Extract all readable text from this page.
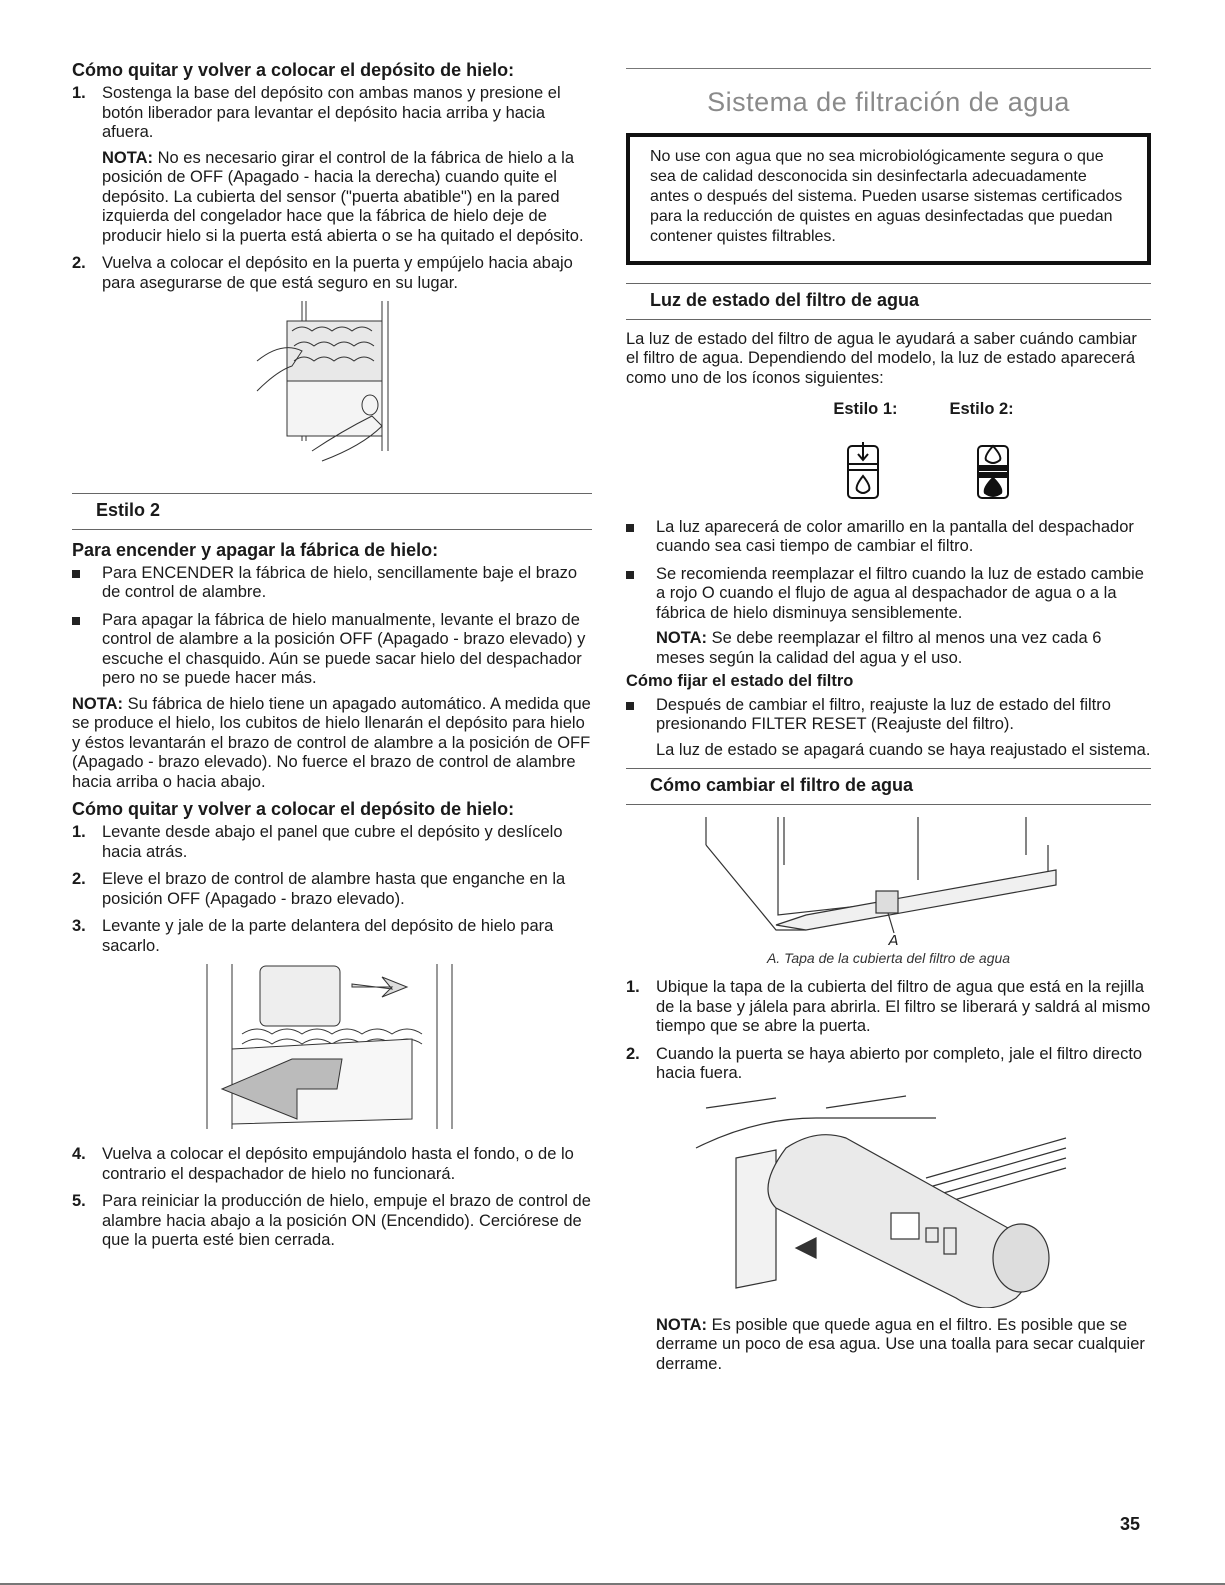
Cómo quitar y volver a colocar el depósito de hielo:
1. Sostenga la base del depósito con ambas manos y presione el botón liberador para levantar el depósito hacia arriba y hacia afuera.

NOTA: No es necesario girar el control de la fábrica de hielo a la posición de OFF (Apagado - hacia la derecha) cuando quite el depósito. La cubierta del sensor ("puerta abatible") en la pared izquierda del congelador hace que la fábrica de hielo deje de producir hielo si la puerta está abierta o se ha quitado el depósito.

2. Vuelva a colocar el depósito en la puerta y empújelo hacia abajo para asegurarse de que está seguro en su lugar.
Estilo 2
Para encender y apagar la fábrica de hielo:
Para ENCENDER la fábrica de hielo, sencillamente baje el brazo de control de alambre.
Para apagar la fábrica de hielo manualmente, levante el brazo de control de alambre a la posición OFF (Apagado - brazo elevado) y escuche el chasquido. Aún se puede sacar hielo del despachador pero no se puede hacer más.

NOTA: Su fábrica de hielo tiene un apagado automático. A medida que se produce el hielo, los cubitos de hielo llenarán el depósito para hielo y éstos levantarán el brazo de control de alambre a la posición de OFF (Apagado - brazo elevado). No fuerce el brazo de control de alambre hacia arriba o hacia abajo.

Cómo quitar y volver a colocar el depósito de hielo:
1. Levante desde abajo el panel que cubre el depósito y deslícelo hacia atrás.
2. Eleve el brazo de control de alambre hasta que enganche en la posición OFF (Apagado - brazo elevado).
3. Levante y jale de la parte delantera del depósito de hielo para sacarlo.
4. Vuelva a colocar el depósito empujándolo hasta el fondo, o de lo contrario el despachador de hielo no funcionará.
5. Para reiniciar la producción de hielo, empuje el brazo de control de alambre hacia abajo a la posición ON (Encendido). Cerciórese de que la puerta esté bien cerrada.
Sistema de filtración de agua
No use con agua que no sea microbiológicamente segura o que sea de calidad desconocida sin desinfectarla adecuadamente antes o después del sistema. Pueden usarse sistemas certificados para la reducción de quistes en aguas desinfectadas que puedan contener quistes filtrables.
Luz de estado del filtro de agua

La luz de estado del filtro de agua le ayudará a saber cuándo cambiar el filtro de agua. Dependiendo del modelo, la luz de estado aparecerá como uno de los íconos siguientes:

Estilo 1:	Estilo 2:
La luz aparecerá de color amarillo en la pantalla del despachador cuando sea casi tiempo de cambiar el filtro.
Se recomienda reemplazar el filtro cuando la luz de estado cambie a rojo O cuando el flujo de agua al despachador de agua o a la fábrica de hielo disminuya sensiblemente.

NOTA: Se debe reemplazar el filtro al menos una vez cada 6 meses según la calidad del agua y el uso.

Cómo fijar el estado del filtro
Después de cambiar el filtro, reajuste la luz de estado del filtro presionando FILTER RESET (Reajuste del filtro).

La luz de estado se apagará cuando se haya reajustado el sistema.

Cómo cambiar el filtro de agua
A
A. Tapa de la cubierta del filtro de agua
1. Ubique la tapa de la cubierta del filtro de agua que está en la rejilla de la base y jálela para abrirla. El filtro se liberará y saldrá al mismo tiempo que se abre la puerta.
2. Cuando la puerta se haya abierto por completo, jale el filtro directo hacia fuera.

NOTA: Es posible que quede agua en el filtro. Es posible que se derrame un poco de esa agua. Use una toalla para secar cualquier derrame.

35
